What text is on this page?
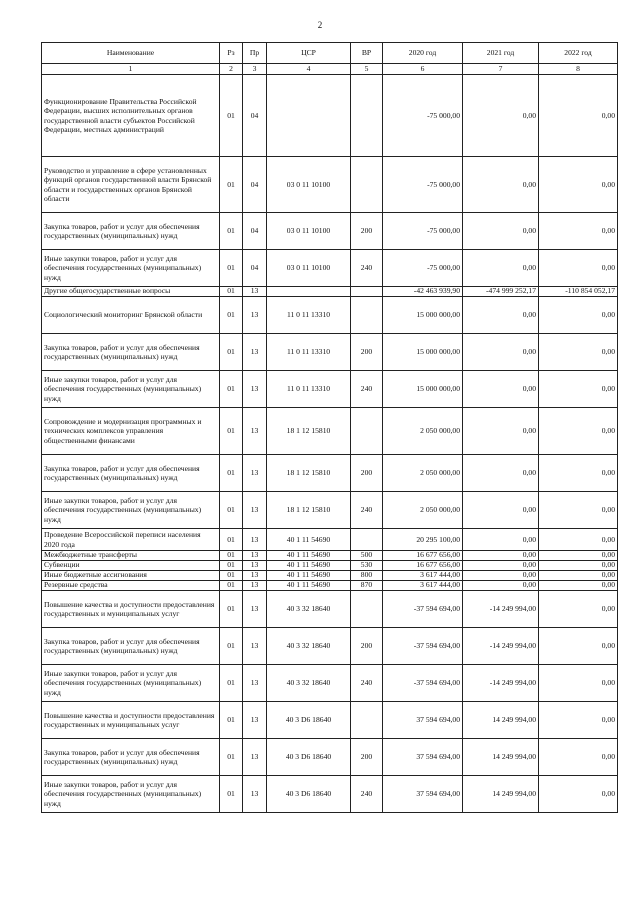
2
Наименование	Рз	Пр	ЦСР	ВР	2020 год	2021 год	2022 год
1	2	3	4	5	6	7	8
Функционирование Правительства Российской Федерации, высших исполнительных органов государственной власти субъектов Российской Федерации, местных администраций	01	04			-75 000,00	0,00	0,00
Руководство и управление в сфере установленных функций органов государственной власти Брянской области и государственных органов Брянской области	01	04	03 0 11 10100		-75 000,00	0,00	0,00
Закупка товаров, работ и услуг для обеспечения государственных (муниципальных) нужд	01	04	03 0 11 10100	200	-75 000,00	0,00	0,00
Иные закупки товаров, работ и услуг для обеспечения государственных (муниципальных) нужд	01	04	03 0 11 10100	240	-75 000,00	0,00	0,00
Другие общегосударственные вопросы	01	13			-42 463 939,90	-474 999 252,17	-110 854 052,17
Социологический мониторинг Брянской области	01	13	11 0 11 13310		15 000 000,00	0,00	0,00
Закупка товаров, работ и услуг для обеспечения государственных (муниципальных) нужд	01	13	11 0 11 13310	200	15 000 000,00	0,00	0,00
Иные закупки товаров, работ и услуг для обеспечения государственных (муниципальных) нужд	01	13	11 0 11 13310	240	15 000 000,00	0,00	0,00
Сопровождение и модернизация программных и технических комплексов управления общественными финансами	01	13	18 1 12 15810		2 050 000,00	0,00	0,00
Закупка товаров, работ и услуг для обеспечения государственных (муниципальных) нужд	01	13	18 1 12 15810	200	2 050 000,00	0,00	0,00
Иные закупки товаров, работ и услуг для обеспечения государственных (муниципальных) нужд	01	13	18 1 12 15810	240	2 050 000,00	0,00	0,00
Проведение Всероссийской переписи населения 2020 года	01	13	40 1 11 54690		20 295 100,00	0,00	0,00
Межбюджетные трансферты	01	13	40 1 11 54690	500	16 677 656,00	0,00	0,00
Субвенции	01	13	40 1 11 54690	530	16 677 656,00	0,00	0,00
Иные бюджетные ассигнования	01	13	40 1 11 54690	800	3 617 444,00	0,00	0,00
Резервные средства	01	13	40 1 11 54690	870	3 617 444,00	0,00	0,00
Повышение качества и доступности предоставления государственных и муниципальных услуг	01	13	40 3 32 18640		-37 594 694,00	-14 249 994,00	0,00
Закупка товаров, работ и услуг для обеспечения государственных (муниципальных) нужд	01	13	40 3 32 18640	200	-37 594 694,00	-14 249 994,00	0,00
Иные закупки товаров, работ и услуг для обеспечения государственных (муниципальных) нужд	01	13	40 3 32 18640	240	-37 594 694,00	-14 249 994,00	0,00
Повышение качества и доступности предоставления государственных и муниципальных услуг	01	13	40 3 D6 18640		37 594 694,00	14 249 994,00	0,00
Закупка товаров, работ и услуг для обеспечения государственных (муниципальных) нужд	01	13	40 3 D6 18640	200	37 594 694,00	14 249 994,00	0,00
Иные закупки товаров, работ и услуг для обеспечения государственных (муниципальных) нужд	01	13	40 3 D6 18640	240	37 594 694,00	14 249 994,00	0,00
